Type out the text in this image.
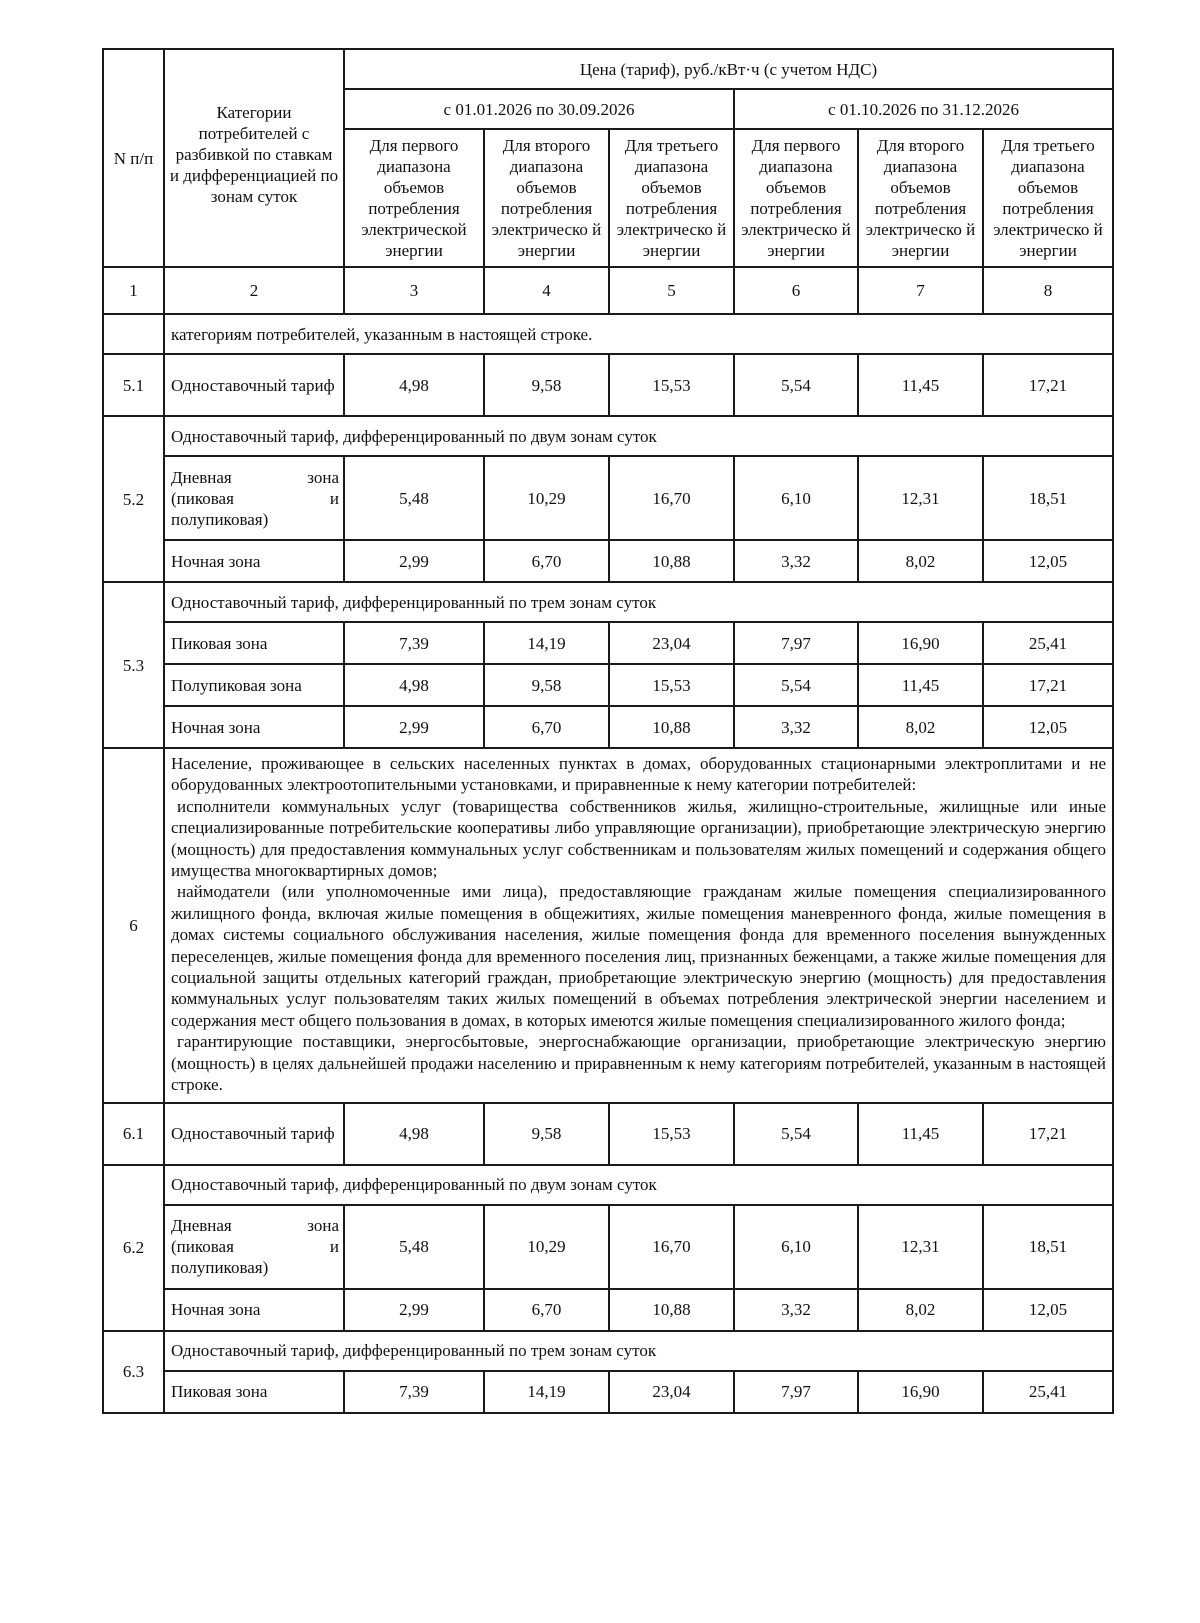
N п/п	Категории потребителей с разбивкой по ставкам и дифференциацией по зонам суток	Цена (тариф), руб./кВт·ч (с учетом НДС)					
		с 01.01.2026 по 30.09.2026			с 01.10.2026 по 31.12.2026		
		Для первого диапазона объемов потребления электрической энергии	Для второго диапазона объемов потребления электрическо й энергии	Для третьего диапазона объемов потребления электрическо й энергии	Для первого диапазона объемов потребления электрическо й энергии	Для второго диапазона объемов потребления электрическо й энергии	Для третьего диапазона объемов потребления электрическо й энергии
1	2	3	4	5	6	7	8
	категориям потребителей, указанным в настоящей строке.						
5.1	Одноставочный тариф	4,98	9,58	15,53	5,54	11,45	17,21
5.2	Одноставочный тариф, дифференцированный по двум зонам суток						

	Дневная зона
(пиковая и
полупиковая)	5,48	10,29	16,70	6,10	12,31	18,51
	Ночная зона	2,99	6,70	10,88	3,32	8,02	12,05
5.3	Одноставочный тариф, дифференцированный по трем зонам суток						
	Пиковая зона	7,39	14,19	23,04	7,97	16,90	25,41
	Полупиковая зона	4,98	9,58	15,53	5,54	11,45	17,21
	Ночная зона	2,99	6,70	10,88	3,32	8,02	12,05
6	Население, проживающее в сельских населенных пунктах в домах, оборудованных стационарными электроплитами и не оборудованных электроотопительными установками, и приравненные к нему категории потребителей:

исполнители коммунальных услуг (товарищества собственников жилья, жилищно-строительные, жилищные или иные специализированные потребительские кооперативы либо управляющие организации), приобретающие электрическую энергию (мощность) для предоставления коммунальных услуг собственникам и пользователям жилых помещений и содержания общего имущества многоквартирных домов;

наймодатели (или уполномоченные ими лица), предоставляющие гражданам жилые помещения специализированного жилищного фонда, включая жилые помещения в общежитиях, жилые помещения маневренного фонда, жилые помещения в домах системы социального обслуживания населения, жилые помещения фонда для временного поселения вынужденных переселенцев, жилые помещения фонда для временного поселения лиц, признанных беженцами, а также жилые помещения для социальной защиты отдельных категорий граждан, приобретающие электрическую энергию (мощность) для предоставления коммунальных услуг пользователям таких жилых помещений в объемах потребления электрической энергии населением и содержания мест общего пользования в домах, в которых имеются жилые помещения специализированного жилого фонда;

гарантирующие поставщики, энергосбытовые, энергоснабжающие организации, приобретающие электрическую энергию (мощность) в целях дальнейшей продажи населению и приравненным к нему категориям потребителей, указанным в настоящей строке.						

6.1	Одноставочный тариф	4,98	9,58	15,53	5,54	11,45	17,21
6.2	Одноставочный тариф, дифференцированный по двум зонам суток						

	Дневная зона
(пиковая и
полупиковая)	5,48	10,29	16,70	6,10	12,31	18,51
	Ночная зона	2,99	6,70	10,88	3,32	8,02	12,05
6.3	Одноставочный тариф, дифференцированный по трем зонам суток						
	Пиковая зона	7,39	14,19	23,04	7,97	16,90	25,41
